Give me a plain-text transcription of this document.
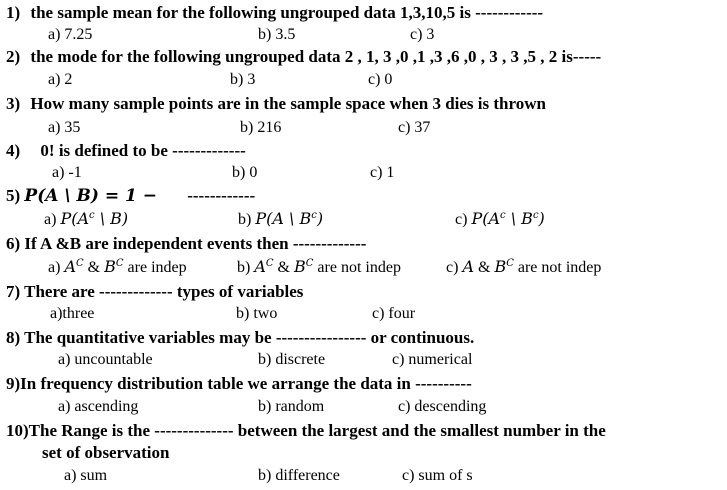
1) the sample mean for the following ungrouped data 1,3,10,5 is ------------
a) 7.25	b) 3.5	c) 3
2) the mode for the following ungrouped data 2 , 1, 3 ,0 ,1 ,3 ,6 ,0 , 3 , 3 ,5 , 2 is-----
a) 2	b) 3	c) 0
3) How many sample points are in the sample space when 3 dies is thrown
a) 35	b) 216	c) 37
4) 0! is defined to be -------------
a) -1	b) 0	c) 1
5) P(A \ B) = 1 − ------------
a) $P(A^c$ \ B)	b) P(A \ $B^c$)	c) $P(A^c$ \ $B^c$)
6) If A &B are independent events then -------------
a) $A^C$ & $B^C$ are indep	b) $A^C$ & $B^C$ are not indep	c) A & $B^C$ are not indep
7) There are ------------- types of variables
a)three	b) two	c) four
8) The quantitative variables may be ---------------- or continuous.
a) uncountable	b) discrete	c) numerical
9)In frequency distribution table we arrange the data in ----------
a) ascending	b) random	c) descending
10)The Range is the -------------- between the largest and the smallest number in the
set of observation
a) sum	b) difference	c) sum of s
